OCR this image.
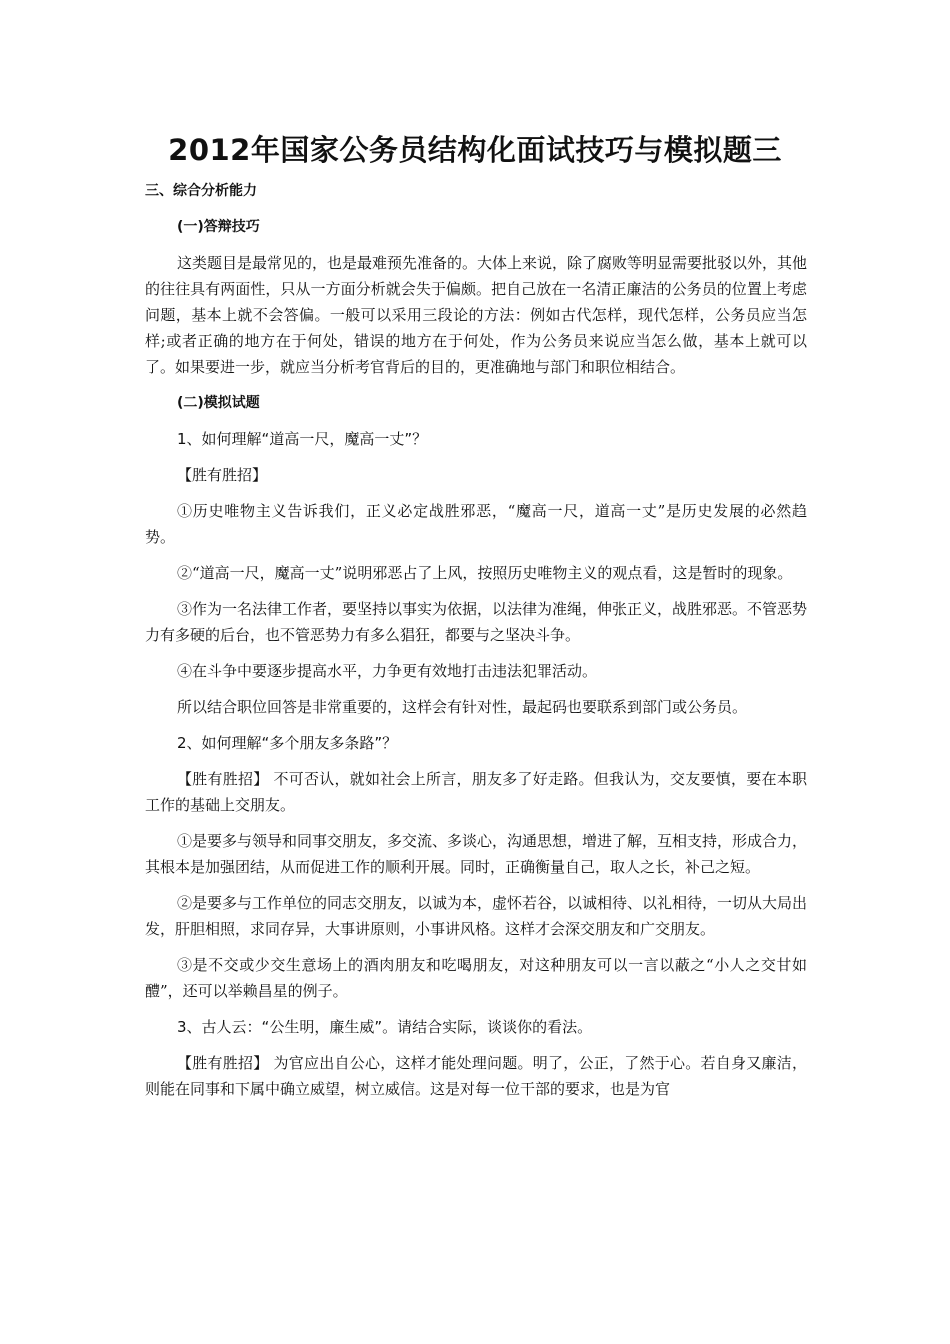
2012年国家公务员结构化面试技巧与模拟题三

三、综合分析能力

(一)答辩技巧

这类题目是最常见的，也是最难预先准备的。大体上来说，除了腐败等明显需要批驳以外，其他的往往具有两面性，只从一方面分析就会失于偏颇。把自己放在一名清正廉洁的公务员的位置上考虑问题，基本上就不会答偏。一般可以采用三段论的方法：例如古代怎样，现代怎样，公务员应当怎样;或者正确的地方在于何处，错误的地方在于何处，作为公务员来说应当怎么做，基本上就可以了。如果要进一步，就应当分析考官背后的目的，更准确地与部门和职位相结合。

(二)模拟试题

1、如何理解“道高一尺，魔高一丈”？

【胜有胜招】

①历史唯物主义告诉我们，正义必定战胜邪恶，“魔高一尺，道高一丈”是历史发展的必然趋势。

②“道高一尺，魔高一丈”说明邪恶占了上风，按照历史唯物主义的观点看，这是暂时的现象。

③作为一名法律工作者，要坚持以事实为依据，以法律为准绳，伸张正义，战胜邪恶。不管恶势力有多硬的后台，也不管恶势力有多么猖狂，都要与之坚决斗争。

④在斗争中要逐步提高水平，力争更有效地打击违法犯罪活动。

所以结合职位回答是非常重要的，这样会有针对性，最起码也要联系到部门或公务员。

2、如何理解“多个朋友多条路”？

【胜有胜招】 不可否认，就如社会上所言，朋友多了好走路。但我认为，交友要慎，要在本职工作的基础上交朋友。

①是要多与领导和同事交朋友，多交流、多谈心，沟通思想，增进了解，互相支持，形成合力，其根本是加强团结，从而促进工作的顺利开展。同时，正确衡量自己，取人之长，补己之短。

②是要多与工作单位的同志交朋友，以诚为本，虚怀若谷，以诚相待、以礼相待，一切从大局出发，肝胆相照，求同存异，大事讲原则，小事讲风格。这样才会深交朋友和广交朋友。

③是不交或少交生意场上的酒肉朋友和吃喝朋友，对这种朋友可以一言以蔽之“小人之交甘如醴”，还可以举赖昌星的例子。

3、古人云：“公生明，廉生威”。请结合实际，谈谈你的看法。

【胜有胜招】 为官应出自公心，这样才能处理问题。明了，公正，了然于心。若自身又廉洁，则能在同事和下属中确立威望，树立威信。这是对每一位干部的要求，也是为官
